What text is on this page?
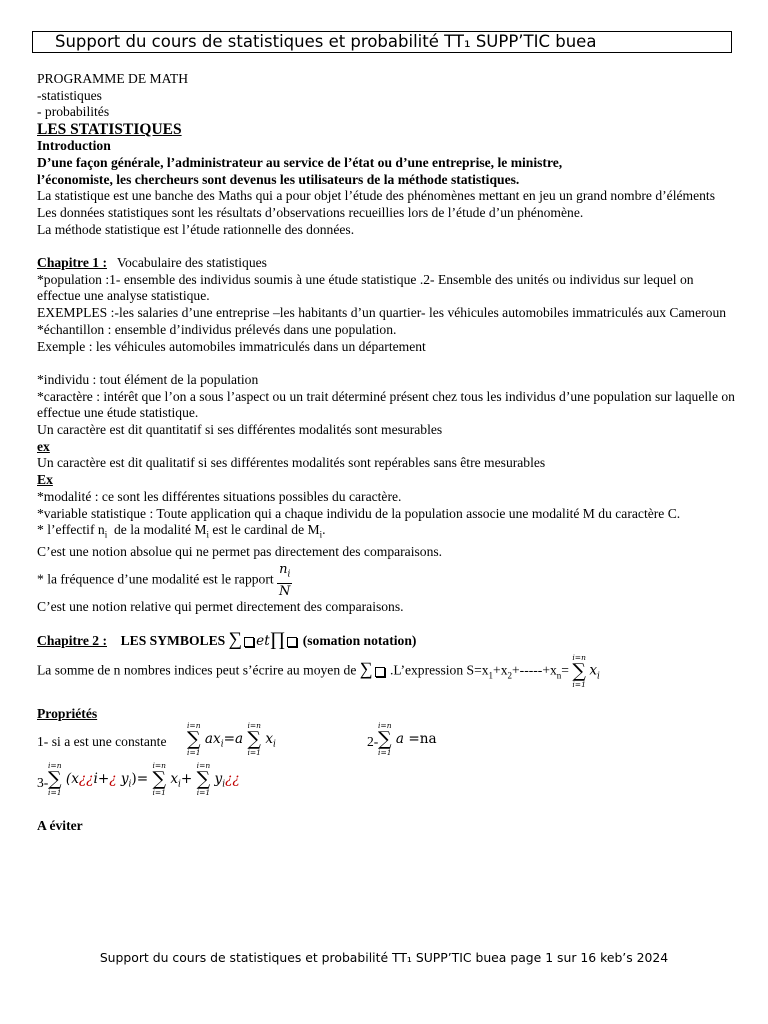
Support du cours de statistiques et probabilité TT₁ SUPP’TIC buea
PROGRAMME DE MATH
-statistiques
- probabilités
LES STATISTIQUES
Introduction
D’une façon générale, l’administrateur au service de l’état ou d’une entreprise, le ministre,
l’économiste, les chercheurs sont devenus les utilisateurs de la méthode statistiques.
La statistique est une banche des Maths qui a pour objet l’étude des phénomènes mettant en jeu un grand nombre d’éléments
Les données statistiques sont les résultats d’observations recueillies lors de l’étude d’un phénomène.
La méthode statistique est l’étude rationnelle des données.
Chapitre 1 :   Vocabulaire des statistiques
*population :1- ensemble des individus soumis à une étude statistique .2- Ensemble des unités ou individus sur lequel on effectue une analyse statistique.
EXEMPLES :-les salaries d’une entreprise –les habitants d’un quartier- les véhicules automobiles immatriculés aux Cameroun
*échantillon : ensemble d’individus prélevés dans une population.
Exemple : les véhicules automobiles immatriculés dans un département
*individu : tout élément de la population
*caractère : intérêt que l’on a sous l’aspect ou un trait déterminé présent chez tous les individus d’une population sur laquelle on effectue une étude statistique.
Un caractère est dit quantitatif si ses différentes modalités sont mesurables
ex
Un caractère est dit qualitatif si ses différentes modalités sont repérables sans être mesurables
Ex
*modalité : ce sont les différentes situations possibles du caractère.
*variable statistique : Toute application qui a chaque individu de la population associe une modalité M du caractère C.
* l’effectif $n_i$  de la modalité $M_i$ est le cardinal de $M_i$.
C’est une notion absolue qui ne permet pas directement des comparaisons.
* la fréquence d’une modalité est le rapport $\frac{n_i}{N}$
C’est une notion relative qui permet directement des comparaisons.
Chapitre 2 :    LES SYMBOLES ∑ et∏ (somation notation)
La somme de n nombres indices peut s’écrire au moyen de ∑ .L’expression $S=x_1+x_2+-----+x_n=$
i=n
∑
i=1
$x_i$
Propriétés
1- si a est une constante
i=n
∑
i=1
$ax_i=a$
i=n
∑
i=1
$x_i$	2-
i=n
∑
i=1
a =na
3-
i=n
∑
i=1
(x¿¿i+¿ $y_i)=$
i=n
∑
i=1
$x_i+$
i=n
∑
i=1
$y_i¿¿$
A éviter
Support du cours de statistiques et probabilité TT₁ SUPP’TIC buea page 1 sur 16 keb’s 2024
